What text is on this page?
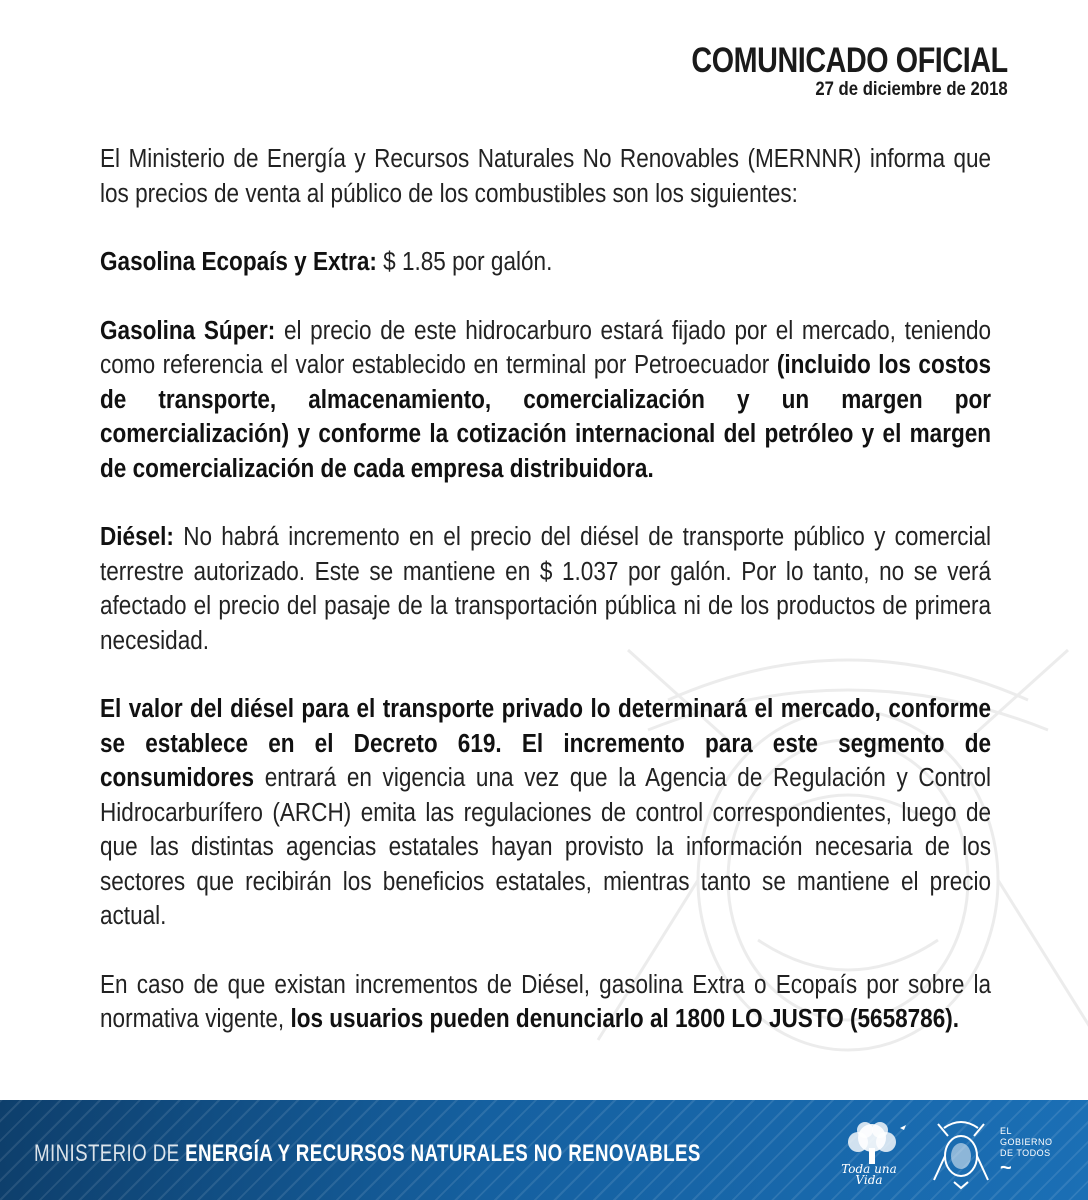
COMUNICADO OFICIAL
27 de diciembre de 2018

El Ministerio de Energía y Recursos Naturales No Renovables (MERNNR) informa que los precios de venta al público de los combustibles son los siguientes:

Gasolina Ecopaís y Extra: $ 1.85 por galón.

Gasolina Súper: el precio de este hidrocarburo estará fijado por el mercado, teniendo como referencia el valor establecido en terminal por Petroecuador (incluido los costos de transporte, almacenamiento, comercialización y un margen por comercialización) y conforme la cotización internacional del petróleo y el margen de comercialización de cada empresa distribuidora.

Diésel: No habrá incremento en el precio del diésel de transporte público y comercial terrestre autorizado. Este se mantiene en $ 1.037 por galón. Por lo tanto, no se verá afectado el precio del pasaje de la transportación pública ni de los productos de primera necesidad.

El valor del diésel para el transporte privado lo determinará el mercado, conforme se establece en el Decreto 619. El incremento para este segmento de consumidores entrará en vigencia una vez que la Agencia de Regulación y Control Hidrocarburífero (ARCH) emita las regulaciones de control correspondientes, luego de que las distintas agencias estatales hayan provisto la información necesaria de los sectores que recibirán los beneficios estatales, mientras tanto se mantiene el precio actual.

En caso de que existan incrementos de Diésel, gasolina Extra o Ecopaís por sobre la normativa vigente, los usuarios pueden denunciarlo al 1800 LO JUSTO (5658786).

MINISTERIO DE ENERGÍA Y RECURSOS NATURALES NO RENOVABLES
Toda una Vida
EL
GOBIERNO
DE TODOS
~
